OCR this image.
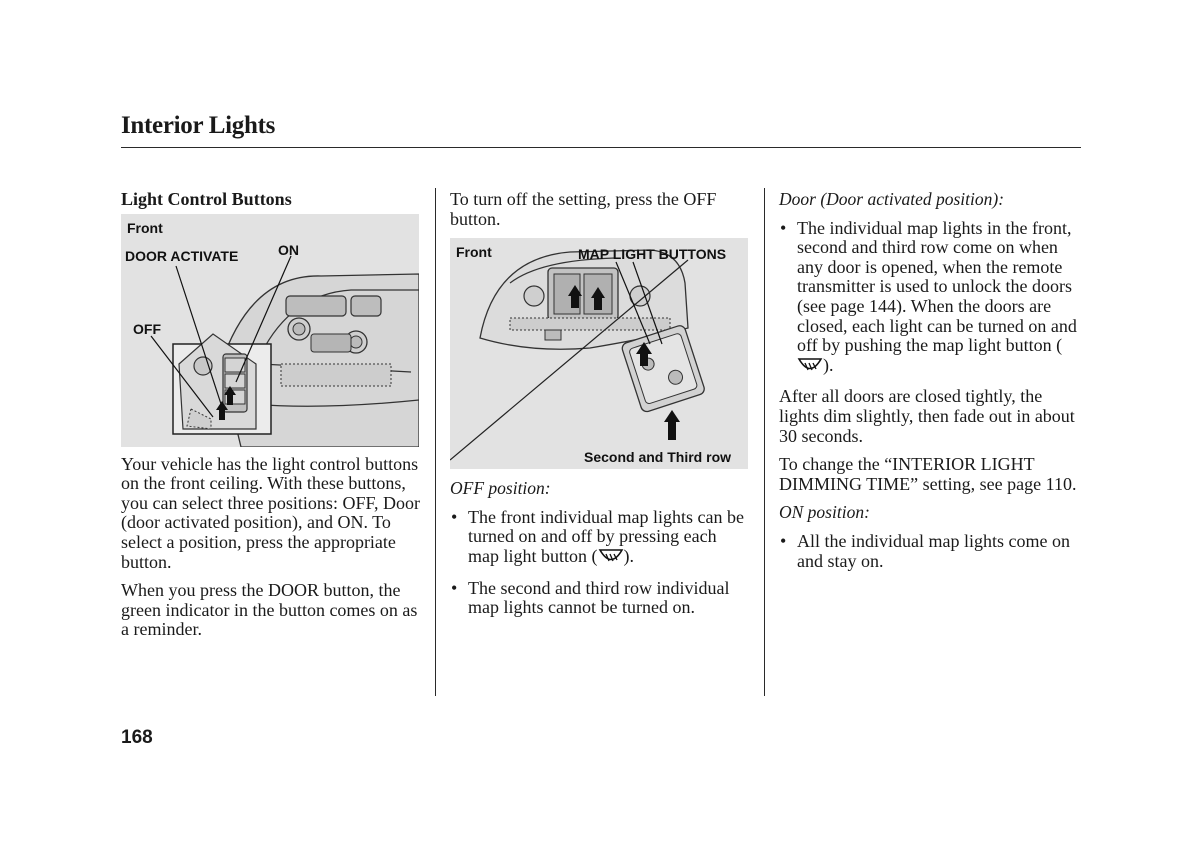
Interior Lights

Light Control Buttons

Front
DOOR ACTIVATE	ON
OFF

Your vehicle has the light control buttons on the front ceiling. With these buttons, you can select three positions: OFF, Door (door activated position), and ON. To select a position, press the appropriate button.

When you press the DOOR button, the green indicator in the button comes on as a reminder.

To turn off the setting, press the OFF button.

Front	MAP LIGHT BUTTONS
Second and Third row

OFF position:

• The front individual map lights can be turned on and off by pressing each map light button ( ).
• The second and third row individual map lights cannot be turned on.

Door (Door activated position):

• The individual map lights in the front, second and third row come on when any door is opened, when the remote transmitter is used to unlock the doors (see page 144). When the doors are closed, each light can be turned on and off by pushing the map light button ().

After all doors are closed tightly, the lights dim slightly, then fade out in about 30 seconds.

To change the “INTERIOR LIGHT DIMMING TIME” setting, see page 110.

ON position:

• All the individual map lights come on and stay on.
168
